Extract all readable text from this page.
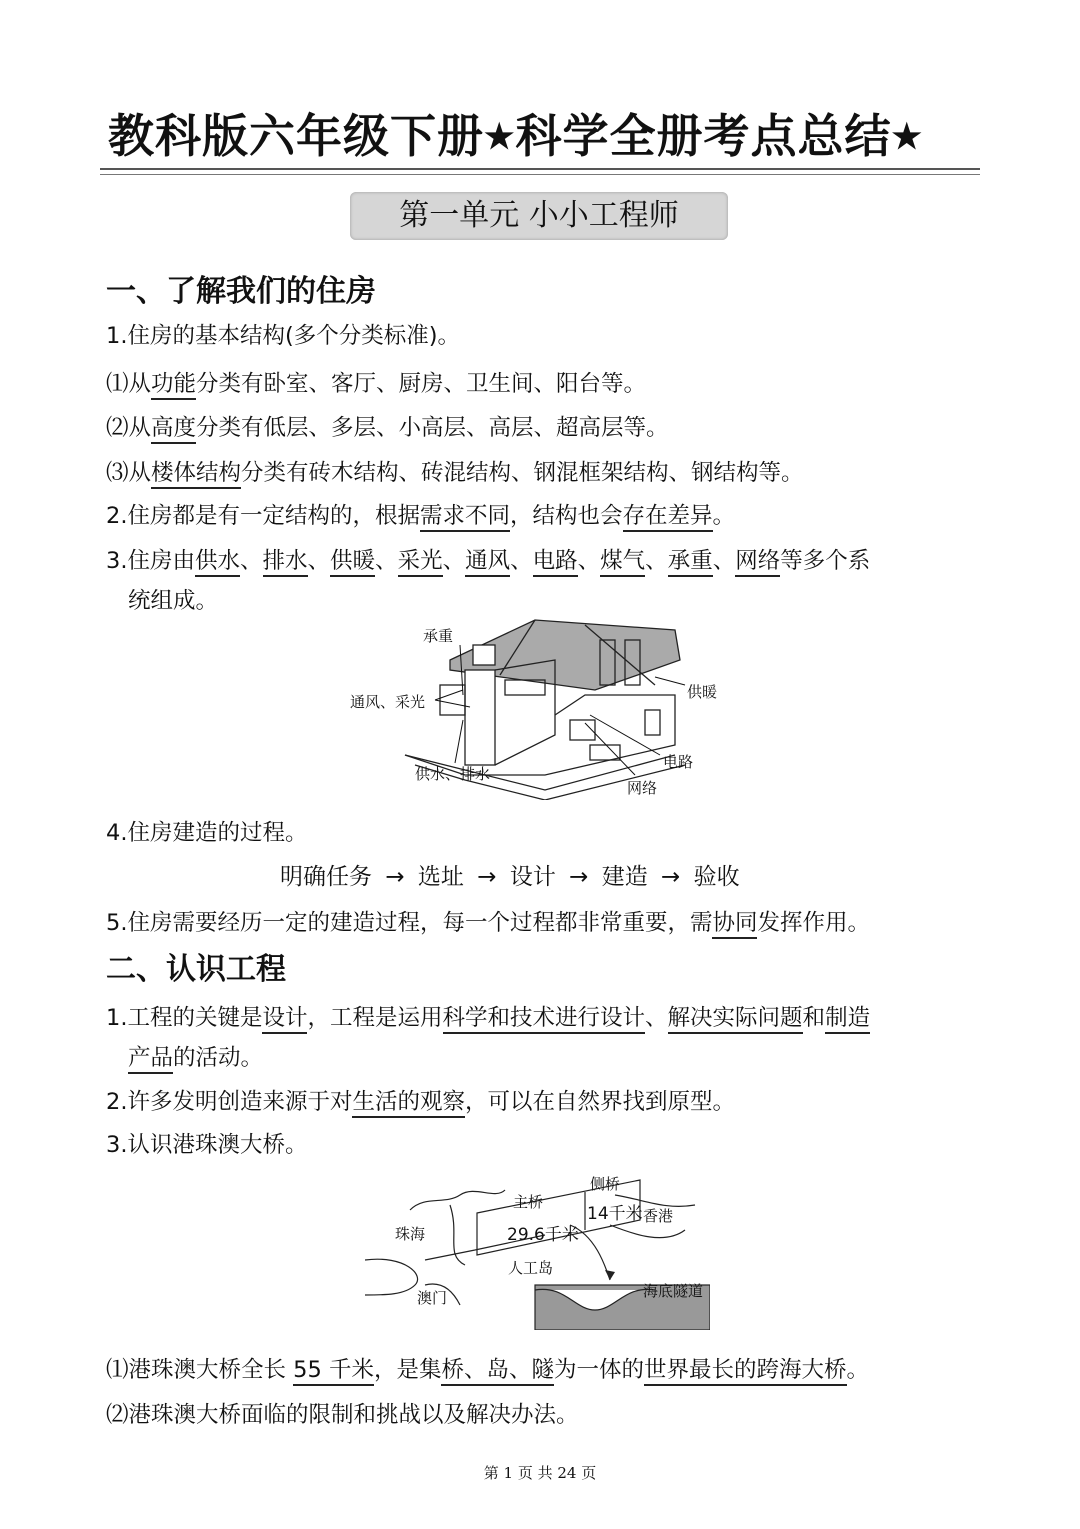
教科版六年级下册★科学全册考点总结★
第一单元 小小工程师
一、了解我们的住房
1.住房的基本结构(多个分类标准)。
⑴从功能分类有卧室、客厅、厨房、卫生间、阳台等。
⑵从高度分类有低层、多层、小高层、高层、超高层等。
⑶从楼体结构分类有砖木结构、砖混结构、钢混框架结构、钢结构等。
2.住房都是有一定结构的，根据需求不同，结构也会存在差异。
3.住房由供水、排水、供暖、采光、通风、电路、煤气、承重、网络等多个系
统组成。
承重
通风、采光
供暖
供水、排水
电路
网络
4.住房建造的过程。
明确任务 → 选址 → 设计 → 建造 → 验收
5.住房需要经历一定的建造过程，每一个过程都非常重要，需协同发挥作用。
二、认识工程
1.工程的关键是设计，工程是运用科学和技术进行设计、解决实际问题和制造
产品的活动。
2.许多发明创造来源于对生活的观察，可以在自然界找到原型。
3.认识港珠澳大桥。
珠海
澳门
主桥
29.6千米
侧桥
14千米 香港
人工岛
海底隧道
⑴港珠澳大桥全长 55 千米，是集桥、岛、隧为一体的世界最长的跨海大桥。
⑵港珠澳大桥面临的限制和挑战以及解决办法。
第 1 页 共 24 页
